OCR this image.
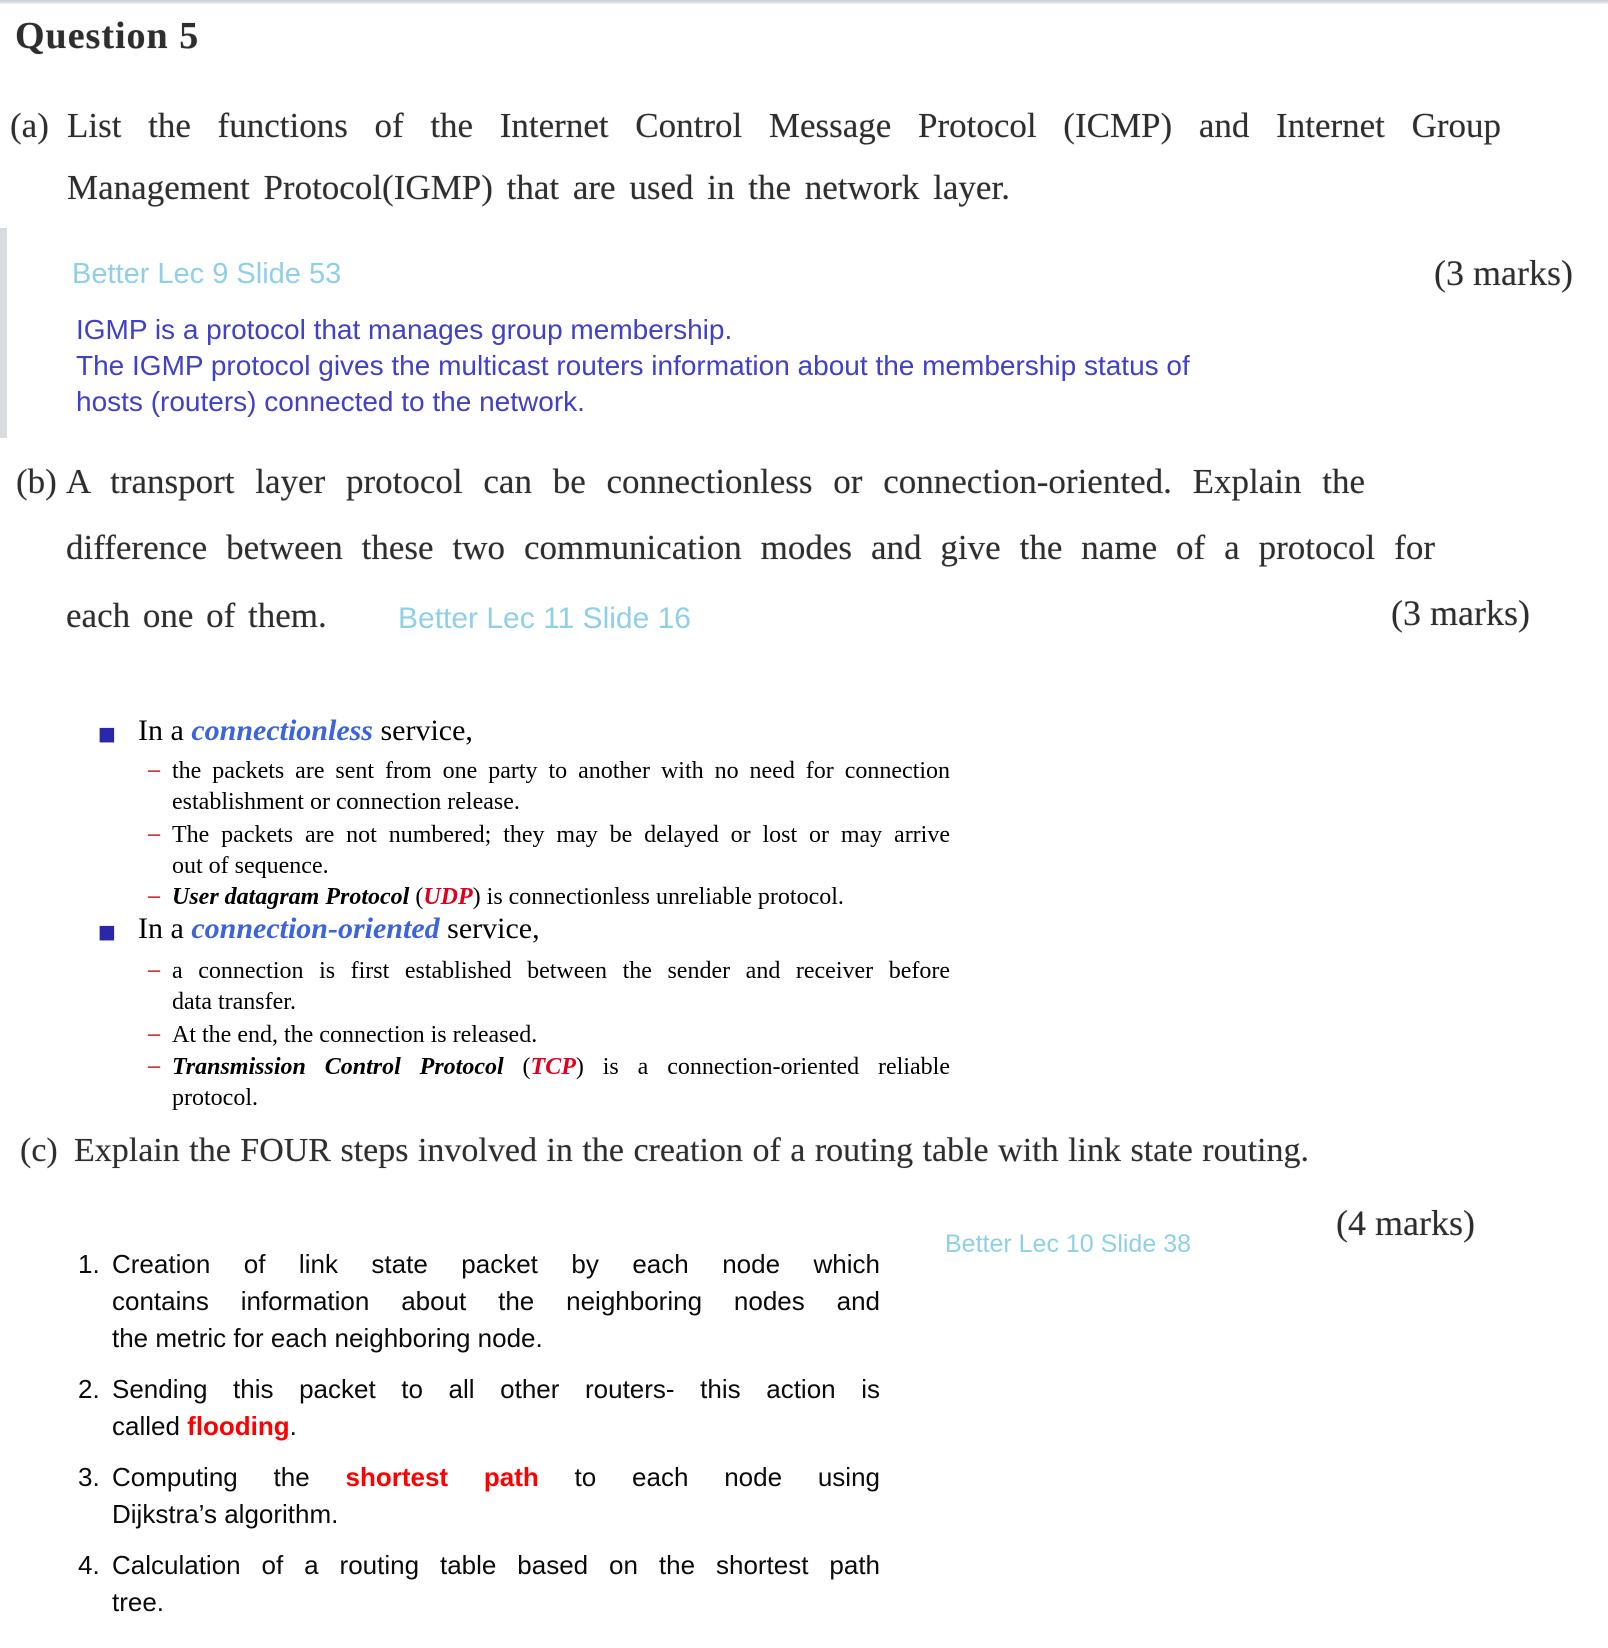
Question 5
(a) List the functions of the Internet Control Message Protocol (ICMP) and Internet Group
Management Protocol(IGMP) that are used in the network layer.
Better Lec 9 Slide 53	(3 marks)
IGMP is a protocol that manages group membership.
The IGMP protocol gives the multicast routers information about the membership status of
hosts (routers) connected to the network.
(b) A transport layer protocol can be connectionless or connection-oriented. Explain the
difference between these two communication modes and give the name of a protocol for
each one of them. Better Lec 11 Slide 16	(3 marks)
■ In a connectionless service,
– the packets are sent from one party to another with no need for connection
establishment or connection release.
– The packets are not numbered; they may be delayed or lost or may arrive
out of sequence.
– User datagram Protocol (UDP) is connectionless unreliable protocol.
■ In a connection-oriented service,
– a connection is first established between the sender and receiver before
data transfer.
– At the end, the connection is released.
– Transmission Control Protocol (TCP) is a connection-oriented reliable
protocol.
(c) Explain the FOUR steps involved in the creation of a routing table with link state routing.
(4 marks)
Better Lec 10 Slide 38
1. Creation of link state packet by each node which
contains information about the neighboring nodes and
the metric for each neighboring node.
2. Sending this packet to all other routers- this action is
called flooding.
3. Computing the shortest path to each node using
Dijkstra’s algorithm.
4. Calculation of a routing table based on the shortest path
tree.
